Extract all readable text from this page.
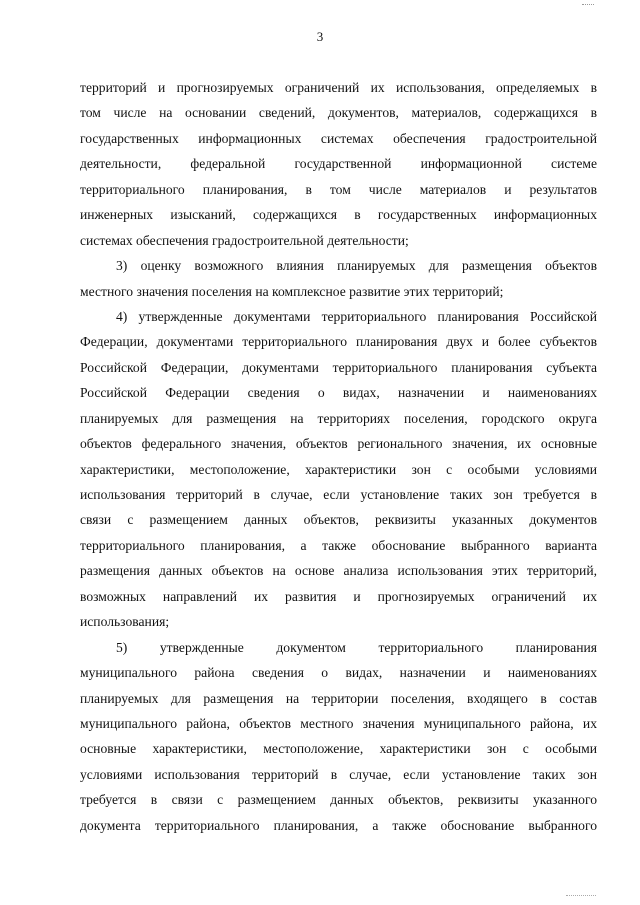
3
территорий и прогнозируемых ограничений их использования, определяемых в
том числе на основании сведений, документов, материалов, содержащихся в
государственных информационных системах обеспечения градостроительной
деятельности, федеральной государственной информационной системе
территориального планирования, в том числе материалов и результатов
инженерных изысканий, содержащихся в государственных информационных
системах обеспечения градостроительной деятельности;
3) оценку возможного влияния планируемых для размещения объектов
местного значения поселения на комплексное развитие этих территорий;
4) утвержденные документами территориального планирования Российской
Федерации, документами территориального планирования двух и более субъектов
Российской Федерации, документами территориального планирования субъекта
Российской Федерации сведения о видах, назначении и наименованиях
планируемых для размещения на территориях поселения, городского округа
объектов федерального значения, объектов регионального значения, их основные
характеристики, местоположение, характеристики зон с особыми условиями
использования территорий в случае, если установление таких зон требуется в
связи с размещением данных объектов, реквизиты указанных документов
территориального планирования, а также обоснование выбранного варианта
размещения данных объектов на основе анализа использования этих территорий,
возможных направлений их развития и прогнозируемых ограничений их
использования;
5) утвержденные документом территориального планирования
муниципального района сведения о видах, назначении и наименованиях
планируемых для размещения на территории поселения, входящего в состав
муниципального района, объектов местного значения муниципального района, их
основные характеристики, местоположение, характеристики зон с особыми
условиями использования территорий в случае, если установление таких зон
требуется в связи с размещением данных объектов, реквизиты указанного
документа территориального планирования, а также обоснование выбранного
